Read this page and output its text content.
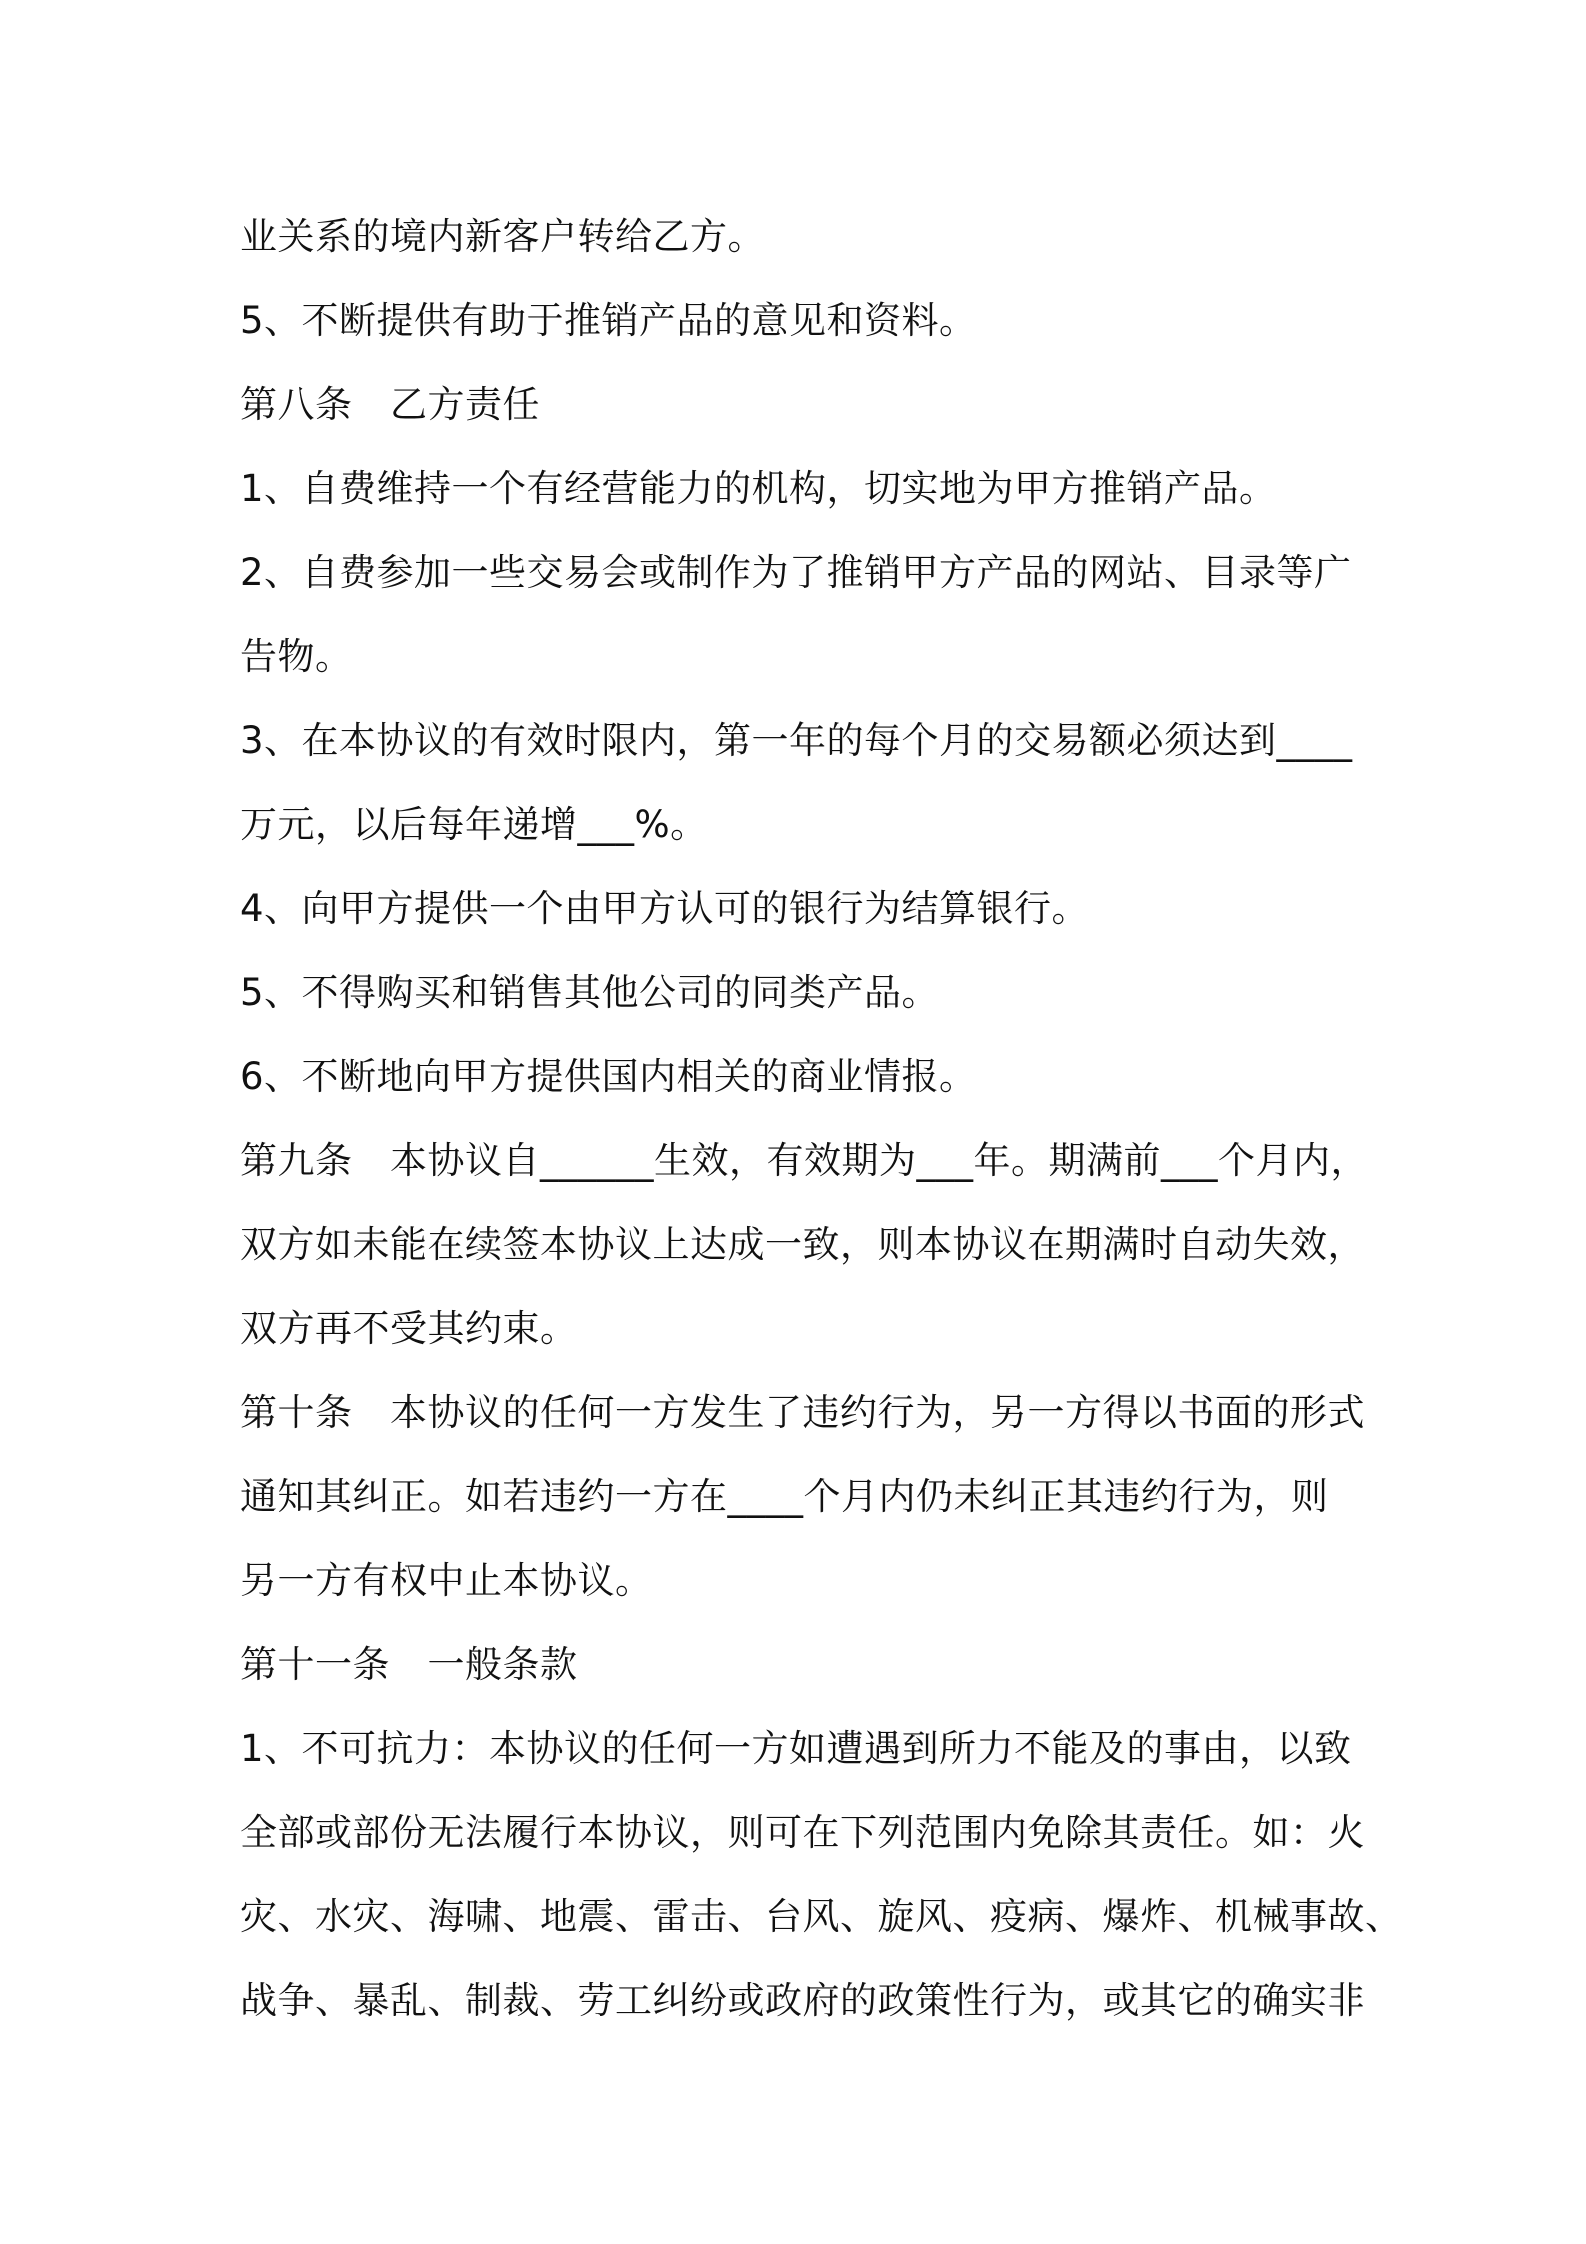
业关系的境内新客户转给乙方。
5、不断提供有助于推销产品的意见和资料。
第八条　乙方责任
1、自费维持一个有经营能力的机构，切实地为甲方推销产品。
2、自费参加一些交易会或制作为了推销甲方产品的网站、目录等广
告物。
3、在本协议的有效时限内，第一年的每个月的交易额必须达到____
万元，以后每年递增___%。
4、向甲方提供一个由甲方认可的银行为结算银行。
5、不得购买和销售其他公司的同类产品。
6、不断地向甲方提供国内相关的商业情报。
第九条　本协议自______生效，有效期为___年。期满前___个月内，
双方如未能在续签本协议上达成一致，则本协议在期满时自动失效，
双方再不受其约束。
第十条　本协议的任何一方发生了违约行为，另一方得以书面的形式
通知其纠正。如若违约一方在____个月内仍未纠正其违约行为，则
另一方有权中止本协议。
第十一条　一般条款
1、不可抗力：本协议的任何一方如遭遇到所力不能及的事由，以致
全部或部份无法履行本协议，则可在下列范围内免除其责任。如：火
灾、水灾、海啸、地震、雷击、台风、旋风、疫病、爆炸、机械事故、
战争、暴乱、制裁、劳工纠纷或政府的政策性行为，或其它的确实非
